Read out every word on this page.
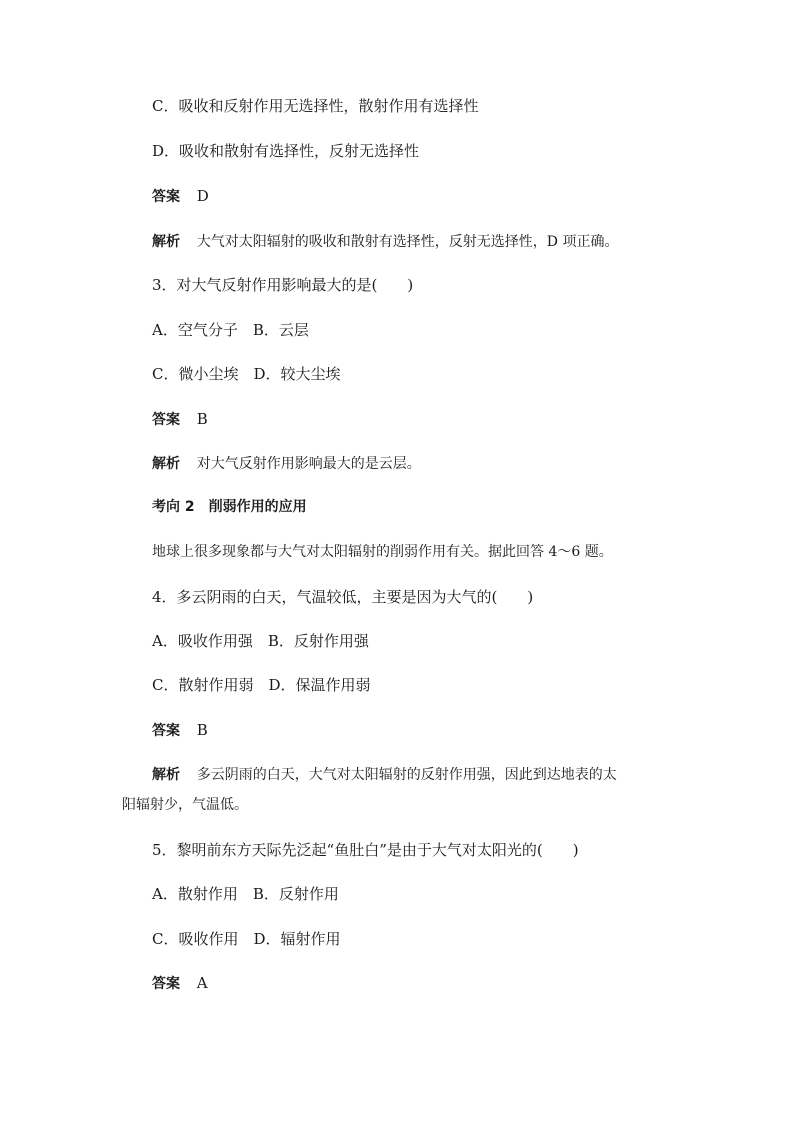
C．吸收和反射作用无选择性，散射作用有选择性
D．吸收和散射有选择性，反射无选择性
答案 D
解析 大气对太阳辐射的吸收和散射有选择性，反射无选择性，D 项正确。
3．对大气反射作用影响最大的是(　　)
A．空气分子　B．云层
C．微小尘埃　D．较大尘埃
答案 B
解析 对大气反射作用影响最大的是云层。
考向 2　削弱作用的应用
地球上很多现象都与大气对太阳辐射的削弱作用有关。据此回答 4～6 题。
4．多云阴雨的白天，气温较低，主要是因为大气的(　　)
A．吸收作用强　B．反射作用强
C．散射作用弱　D．保温作用弱
答案 B
解析 多云阴雨的白天，大气对太阳辐射的反射作用强，因此到达地表的太
阳辐射少，气温低。
5．黎明前东方天际先泛起“鱼肚白”是由于大气对太阳光的(　　)
A．散射作用　B．反射作用
C．吸收作用　D．辐射作用
答案 A
